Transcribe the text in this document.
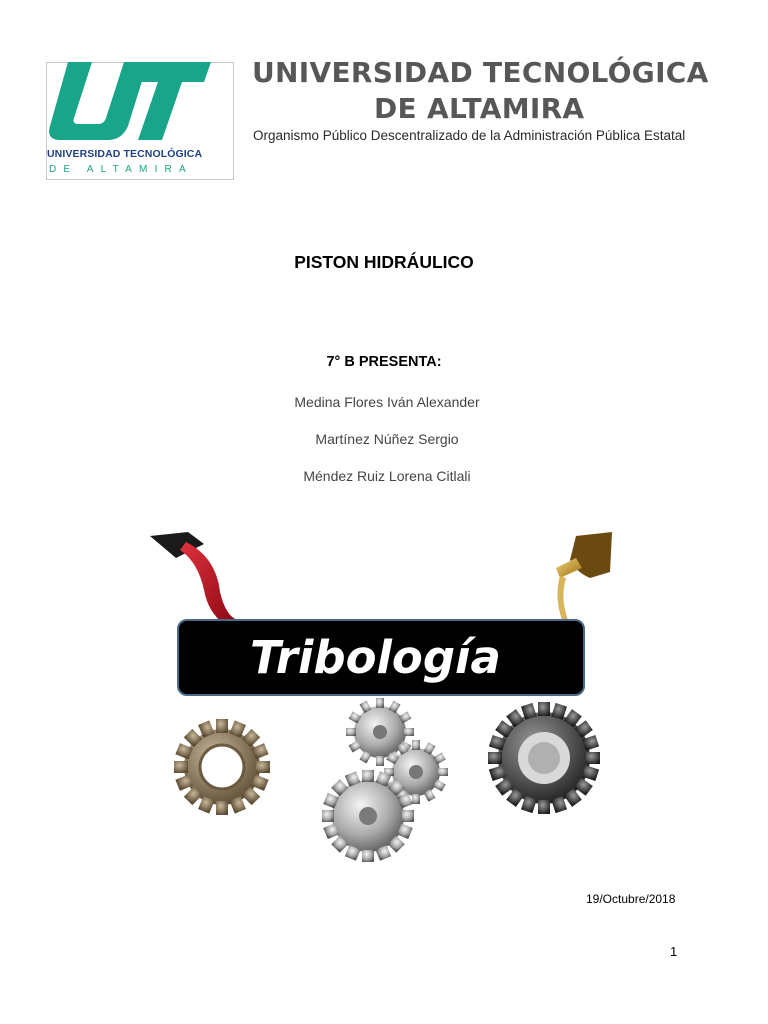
UNIVERSIDAD TECNOLÓGICA
DE ALTAMIRA
UNIVERSIDAD TECNOLÓGICA
DE ALTAMIRA
Organismo Público Descentralizado de la Administración Pública Estatal
PISTON HIDRÁULICO
7° B PRESENTA:
Medina Flores Iván Alexander
Martínez Núñez Sergio
Méndez Ruiz Lorena Citlali
Tribología
19/Octubre/2018
1
